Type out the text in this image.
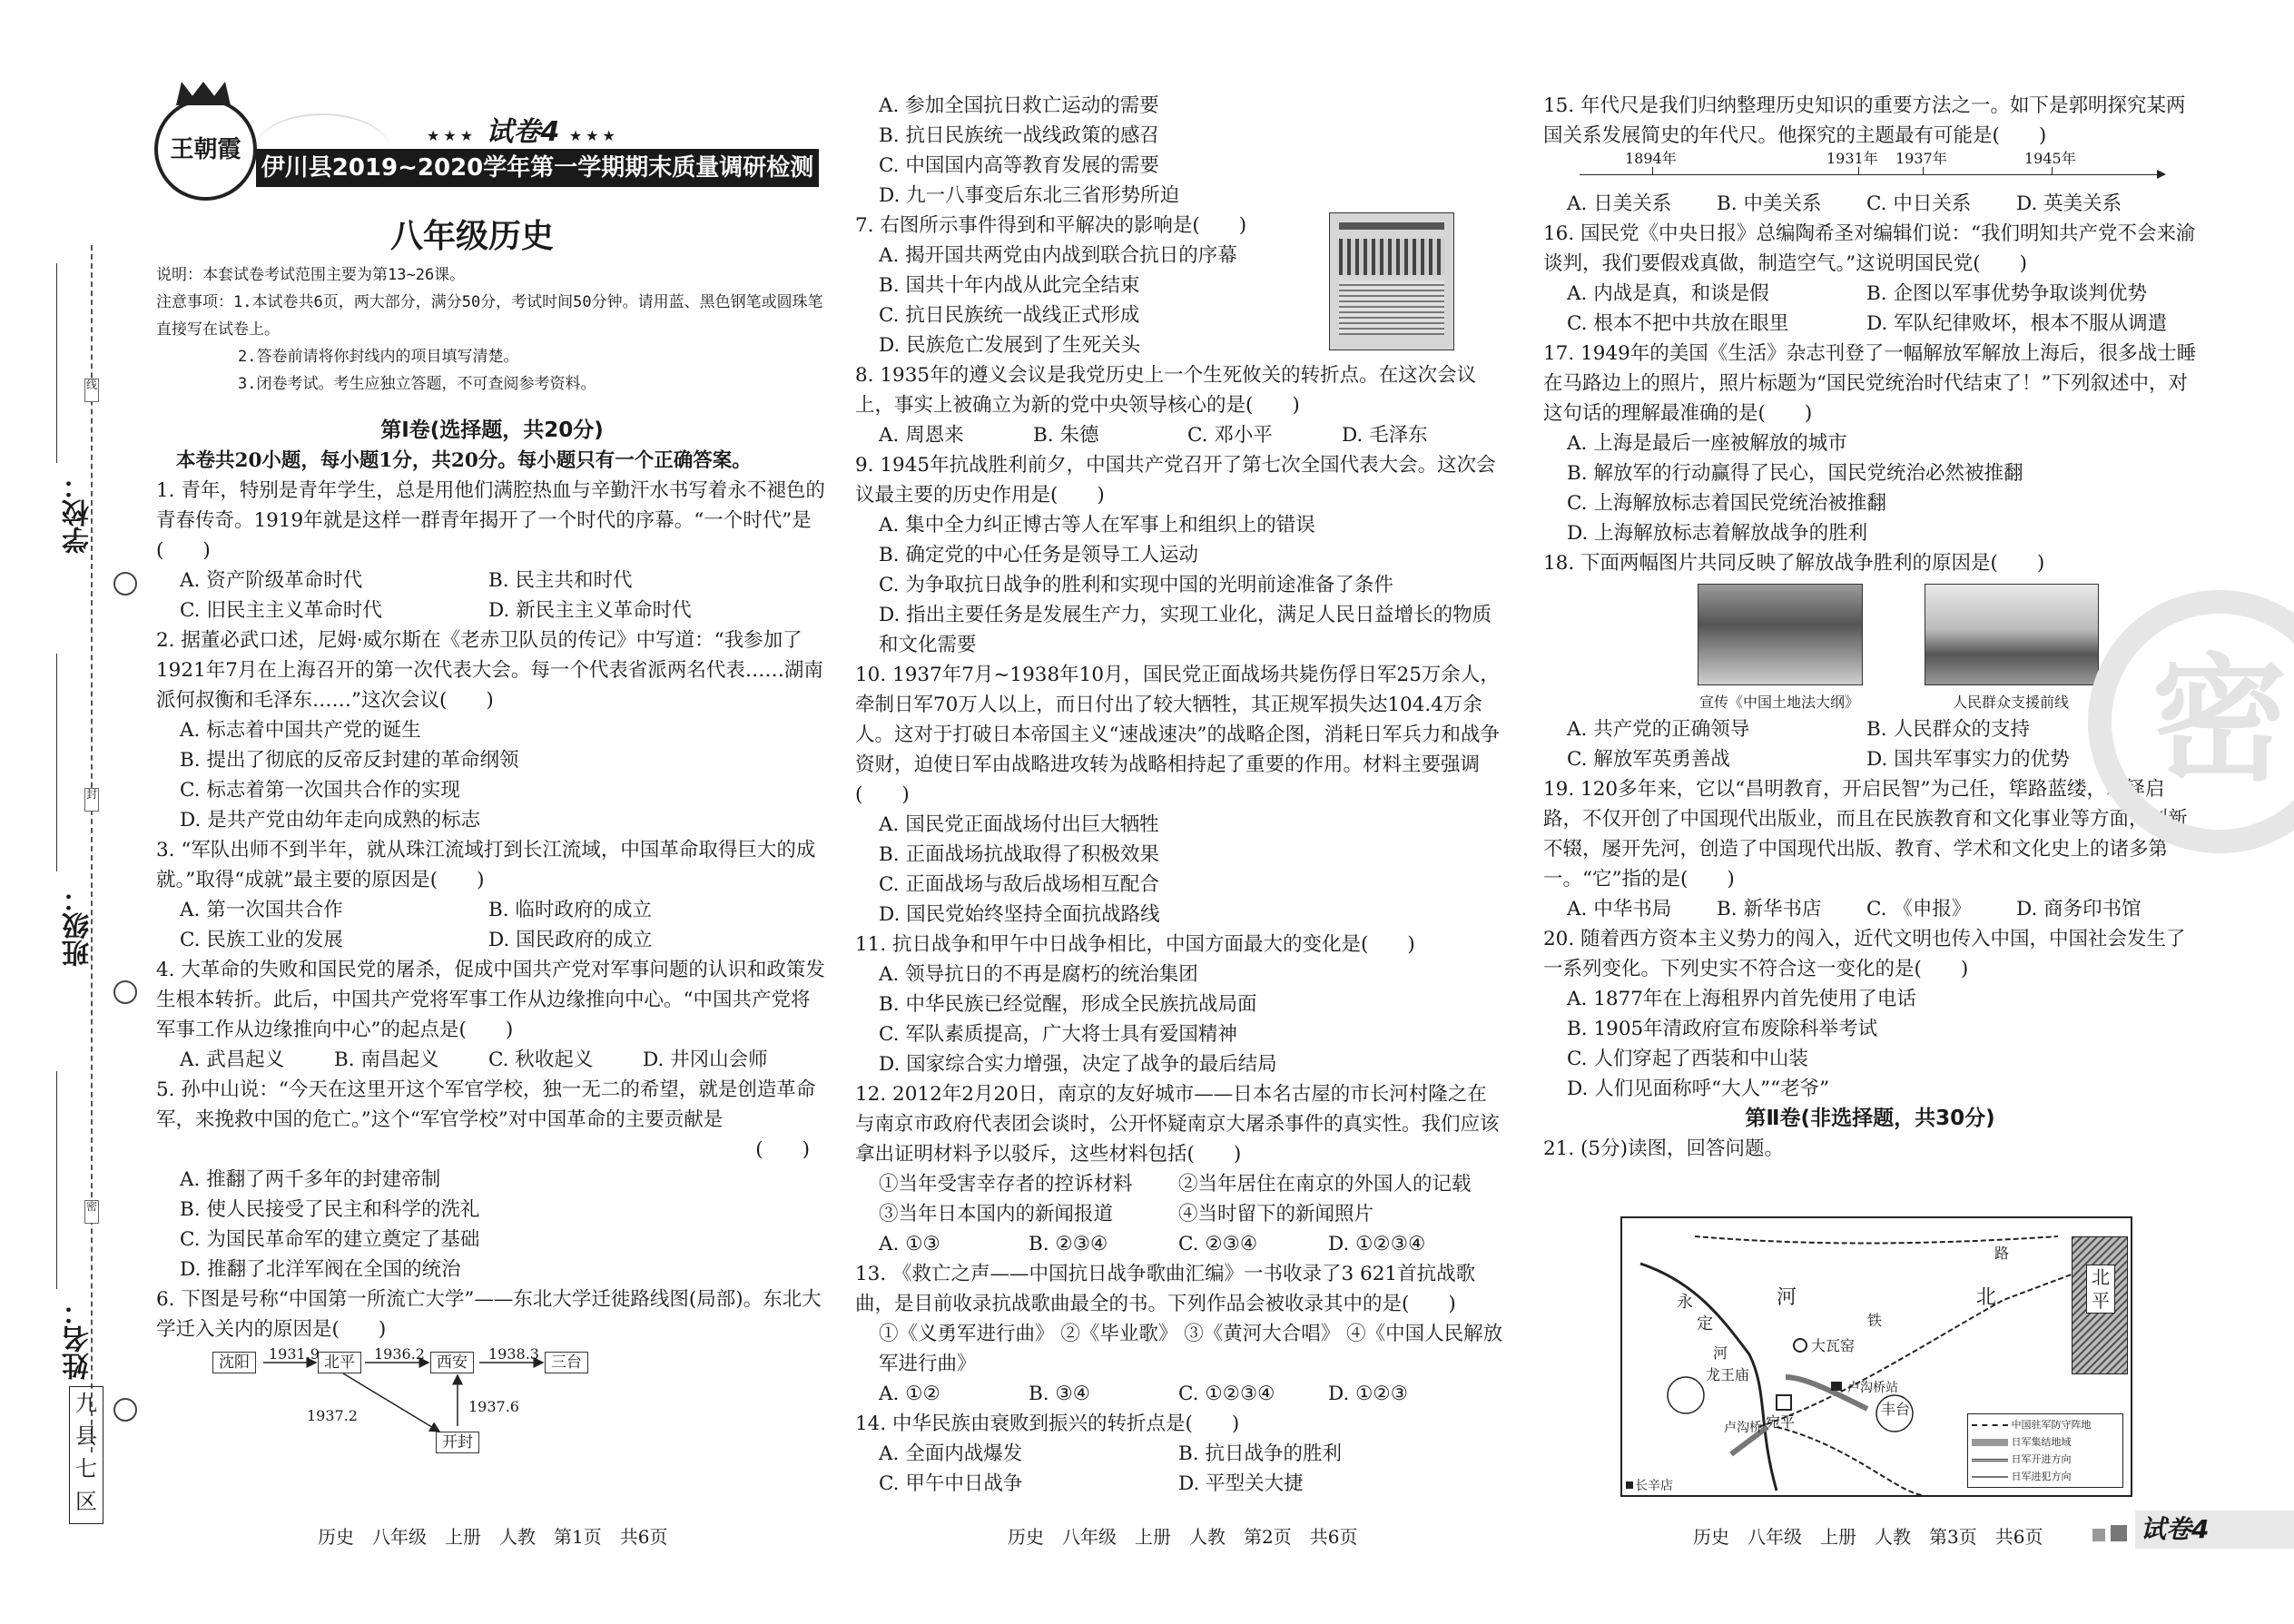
线
封
密
学校：
班级：
姓名：
九
县
七
区
王朝霞
★★★ 试卷4 ★★★
伊川县2019~2020学年第一学期期末质量调研检测试卷
八年级历史
说明：本套试卷考试范围主要为第13~26课。
注意事项：1.本试卷共6页，两大部分，满分50分，考试时间50分钟。请用蓝、黑色钢笔或圆珠笔直接写在试卷上。
2.答卷前请将你封线内的项目填写清楚。
3.闭卷考试。考生应独立答题，不可查阅参考资料。
第Ⅰ卷(选择题，共20分)

本卷共20小题，每小题1分，共20分。每小题只有一个正确答案。

1. 青年，特别是青年学生，总是用他们满腔热血与辛勤汗水书写着永不褪色的青春传奇。1919年就是这样一群青年揭开了一个时代的序幕。“一个时代”是(　　)

A. 资产阶级革命时代	B. 民主共和时代
C. 旧民主主义革命时代	D. 新民主主义革命时代

2. 据董必武口述，尼姆·威尔斯在《老赤卫队员的传记》中写道：“我参加了1921年7月在上海召开的第一次代表大会。每一个代表省派两名代表……湖南派何叔衡和毛泽东……”这次会议(　　)

A. 标志着中国共产党的诞生
B. 提出了彻底的反帝反封建的革命纲领
C. 标志着第一次国共合作的实现
D. 是共产党由幼年走向成熟的标志

3. “军队出师不到半年，就从珠江流域打到长江流域，中国革命取得巨大的成就。”取得“成就”最主要的原因是(　　)

A. 第一次国共合作	B. 临时政府的成立
C. 民族工业的发展	D. 国民政府的成立

4. 大革命的失败和国民党的屠杀，促成中国共产党对军事问题的认识和政策发生根本转折。此后，中国共产党将军事工作从边缘推向中心。“中国共产党将军事工作从边缘推向中心”的起点是(　　)

A. 武昌起义	B. 南昌起义	C. 秋收起义	D. 井冈山会师

5. 孙中山说：“今天在这里开这个军官学校，独一无二的希望，就是创造革命军，来挽救中国的危亡。”这个“军官学校”对中国革命的主要贡献是

(　　)
A. 推翻了两千多年的封建帝制
B. 使人民接受了民主和科学的洗礼
C. 为国民革命军的建立奠定了基础
D. 推翻了北洋军阀在全国的统治

6. 下图是号称“中国第一所流亡大学”——东北大学迁徙路线图(局部)。东北大学迁入关内的原因是(　　)

沈阳	北平	西安	三台
开封
1931.9	1936.2	1938.3
1937.2
1937.6
A. 参加全国抗日救亡运动的需要
B. 抗日民族统一战线政策的感召
C. 中国国内高等教育发展的需要
D. 九一八事变后东北三省形势所迫

7. 右图所示事件得到和平解决的影响是(　　)

A. 揭开国共两党由内战到联合抗日的序幕
B. 国共十年内战从此完全结束
C. 抗日民族统一战线正式形成
D. 民族危亡发展到了生死关头

8. 1935年的遵义会议是我党历史上一个生死攸关的转折点。在这次会议上，事实上被确立为新的党中央领导核心的是(　　)

A. 周恩来	B. 朱德	C. 邓小平	D. 毛泽东

9. 1945年抗战胜利前夕，中国共产党召开了第七次全国代表大会。这次会议最主要的历史作用是(　　)

A. 集中全力纠正博古等人在军事上和组织上的错误
B. 确定党的中心任务是领导工人运动
C. 为争取抗日战争的胜利和实现中国的光明前途准备了条件
D. 指出主要任务是发展生产力，实现工业化，满足人民日益增长的物质和文化需要

10. 1937年7月~1938年10月，国民党正面战场共毙伤俘日军25万余人，牵制日军70万人以上，而日付出了较大牺牲，其正规军损失达104.4万余人。这对于打破日本帝国主义“速战速决”的战略企图，消耗日军兵力和战争资财，迫使日军由战略进攻转为战略相持起了重要的作用。材料主要强调(　　)

A. 国民党正面战场付出巨大牺牲
B. 正面战场抗战取得了积极效果
C. 正面战场与敌后战场相互配合
D. 国民党始终坚持全面抗战路线

11. 抗日战争和甲午中日战争相比，中国方面最大的变化是(　　)

A. 领导抗日的不再是腐朽的统治集团
B. 中华民族已经觉醒，形成全民族抗战局面
C. 军队素质提高，广大将士具有爱国精神
D. 国家综合实力增强，决定了战争的最后结局

12. 2012年2月20日，南京的友好城市——日本名古屋的市长河村隆之在与南京市政府代表团会谈时，公开怀疑南京大屠杀事件的真实性。我们应该拿出证明材料予以驳斥，这些材料包括(　　)

①当年受害幸存者的控诉材料	②当年居住在南京的外国人的记载
③当年日本国内的新闻报道	④当时留下的新闻照片
A. ①③	B. ②③④	C. ②③④	D. ①②③④

13. 《救亡之声——中国抗日战争歌曲汇编》一书收录了3 621首抗战歌曲，是目前收录抗战歌曲最全的书。下列作品会被收录其中的是(　　)

①《义勇军进行曲》 ②《毕业歌》 ③《黄河大合唱》 ④《中国人民解放军进行曲》

A. ①②	B. ③④	C. ①②③④	D. ①②③

14. 中华民族由衰败到振兴的转折点是(　　)

A. 全面内战爆发	B. 抗日战争的胜利
C. 甲午中日战争	D. 平型关大捷

15. 年代尺是我们归纳整理历史知识的重要方法之一。如下是郭明探究某两国关系发展简史的年代尺。他探究的主题最有可能是(　　)

1894年	1931年 1937年	1945年
A. 日美关系	B. 中美关系	C. 中日关系	D. 英美关系

16. 国民党《中央日报》总编陶希圣对编辑们说：“我们明知共产党不会来渝谈判，我们要假戏真做，制造空气。”这说明国民党(　　)

A. 内战是真，和谈是假	B. 企图以军事优势争取谈判优势
C. 根本不把中共放在眼里	D. 军队纪律败坏，根本不服从调遣

17. 1949年的美国《生活》杂志刊登了一幅解放军解放上海后，很多战士睡在马路边上的照片，照片标题为“国民党统治时代结束了！”下列叙述中，对这句话的理解最准确的是(　　)

A. 上海是最后一座被解放的城市
B. 解放军的行动赢得了民心，国民党统治必然被推翻
C. 上海解放标志着国民党统治被推翻
D. 上海解放标志着解放战争的胜利

18. 下面两幅图片共同反映了解放战争胜利的原因是(　　)

宣传《中国土地法大纲》	人民群众支援前线
A. 共产党的正确领导	B. 人民群众的支持
C. 解放军英勇善战	D. 国共军事实力的优势

19. 120多年来，它以“昌明教育，开启民智”为己任，筚路蓝缕，木铎启路，不仅开创了中国现代出版业，而且在民族教育和文化事业等方面，创新不辍，屡开先河，创造了中国现代出版、教育、学术和文化史上的诸多第一。“它”指的是(　　)

A. 中华书局	B. 新华书店	C. 《申报》	D. 商务印书馆

20. 随着西方资本主义势力的闯入，近代文明也传入中国，中国社会发生了一系列变化。下列史实不符合这一变化的是(　　)

A. 1877年在上海租界内首先使用了电话
B. 1905年清政府宣布废除科举考试
C. 人们穿起了西装和中山装
D. 人们见面称呼“大人”“老爷”
第Ⅱ卷(非选择题，共30分)

21. (5分)读图，回答问题。

北平
永
定
河	北
路
铁
河
龙王庙
大瓦窑
卢沟桥站
卢沟桥 宛平
丰台
长辛店
中国驻军防守阵地
日军集结地域
日军开进方向
日军进犯方向
密
历史　八年级　上册　人教　第1页　共6页	历史　八年级　上册　人教　第2页　共6页	历史　八年级　上册　人教　第3页　共6页	试卷4
